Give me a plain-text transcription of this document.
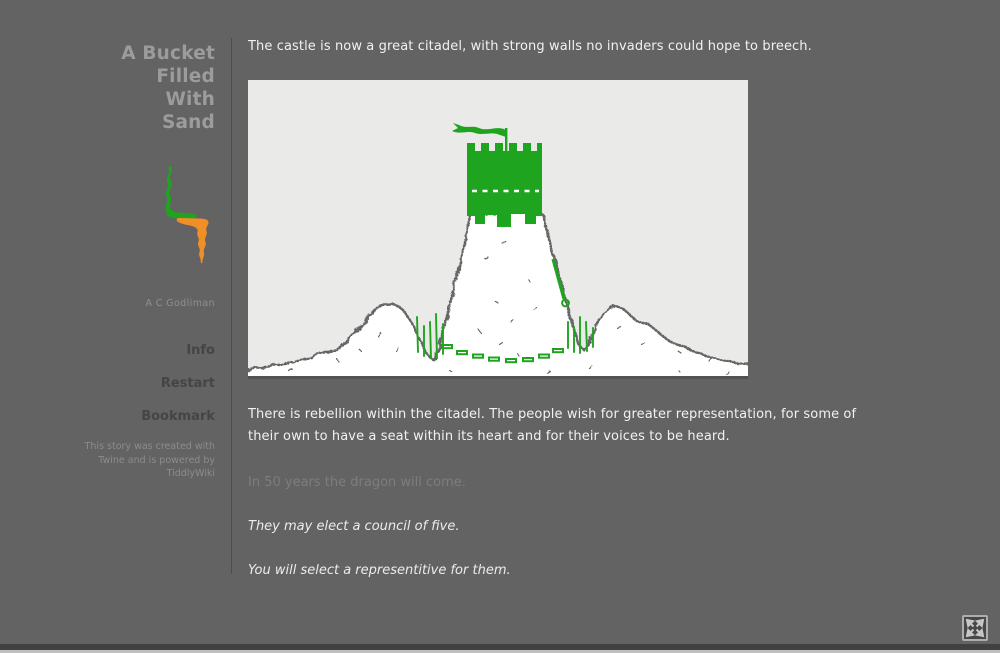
A Bucket Filled With Sand
A C Godliman
Info
Restart
Bookmark
This story was created with Twine and is powered by TiddlyWiki

The castle is now a great citadel, with strong walls no invaders could hope to breech.

There is rebellion within the citadel. The people wish for greater representation, for some of their own to have a seat within its heart and for their voices to be heard.

In 50 years the dragon will come.

They may elect a council of five.
You will select a representitive for them.
